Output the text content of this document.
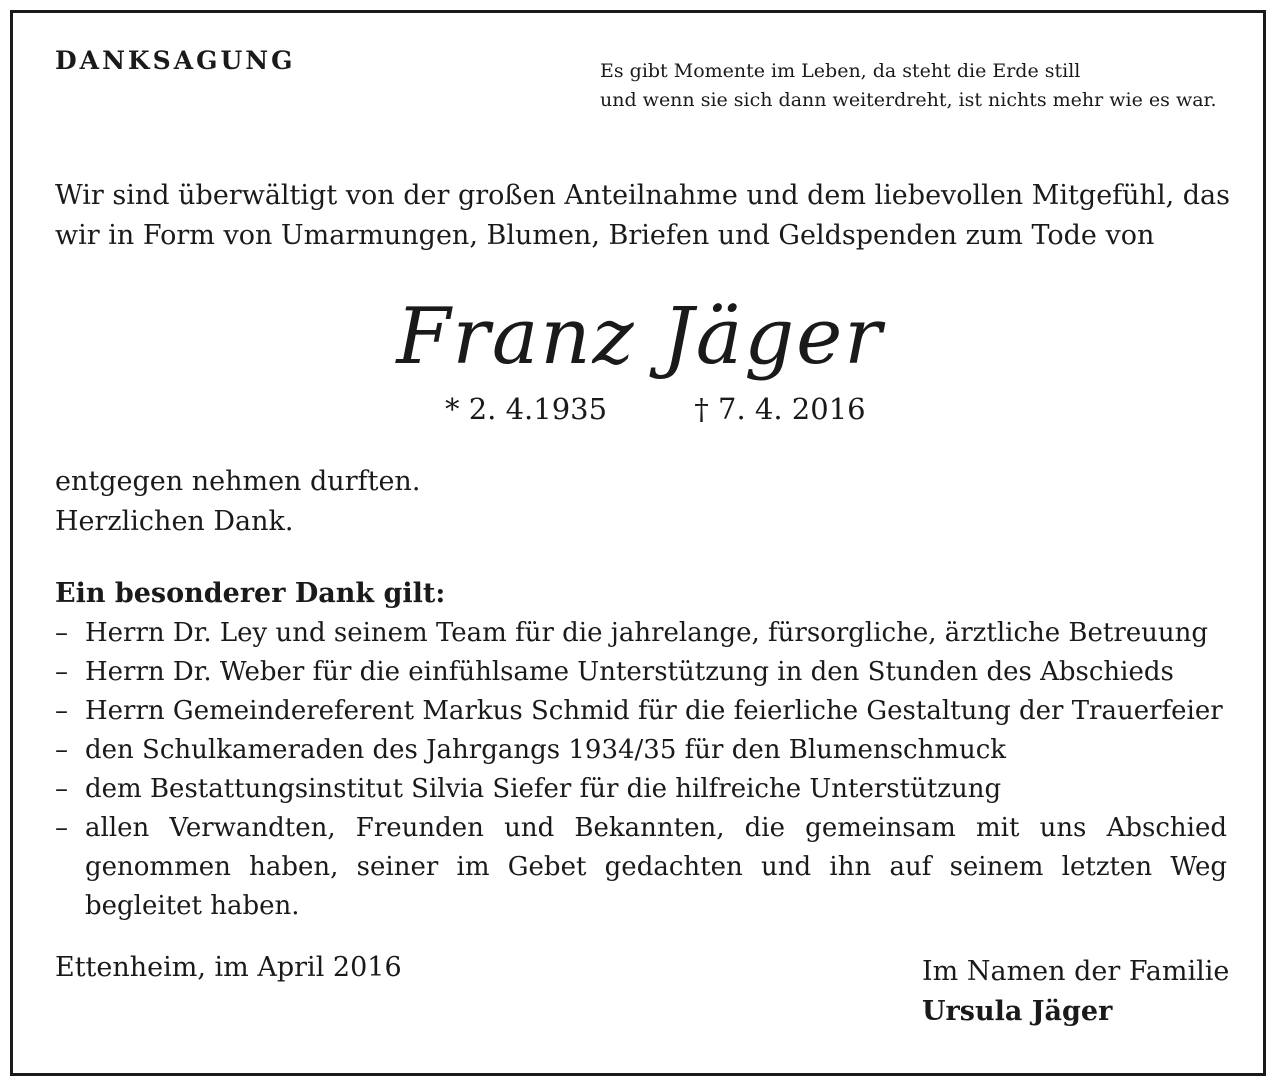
DANKSAGUNG	Es gibt Momente im Leben, da steht die Erde still
und wenn sie sich dann weiterdreht, ist nichts mehr wie es war.
Wir sind überwältigt von der großen Anteilnahme und dem liebevollen Mitgefühl, das wir in Form von Umarmungen, Blumen, Briefen und Geldspenden zum Tode von
Franz Jäger
* 2. 4.1935	† 7. 4. 2016
entgegen nehmen durften.
Herzlichen Dank.
Ein besonderer Dank gilt:
– Herrn Dr. Ley und seinem Team für die jahrelange, fürsorgliche, ärztliche Betreuung
– Herrn Dr. Weber für die einfühlsame Unterstützung in den Stunden des Abschieds
– Herrn Gemeindereferent Markus Schmid für die feierliche Gestaltung der Trauerfeier
– den Schulkameraden des Jahrgangs 1934/35 für den Blumenschmuck
– dem Bestattungsinstitut Silvia Siefer für die hilfreiche Unterstützung
– allen Verwandten, Freunden und Bekannten, die gemeinsam mit uns Abschied genommen haben, seiner im Gebet gedachten und ihn auf seinem letzten Weg begleitet haben.
Ettenheim, im April 2016	Im Namen der Familie
Ursula Jäger
